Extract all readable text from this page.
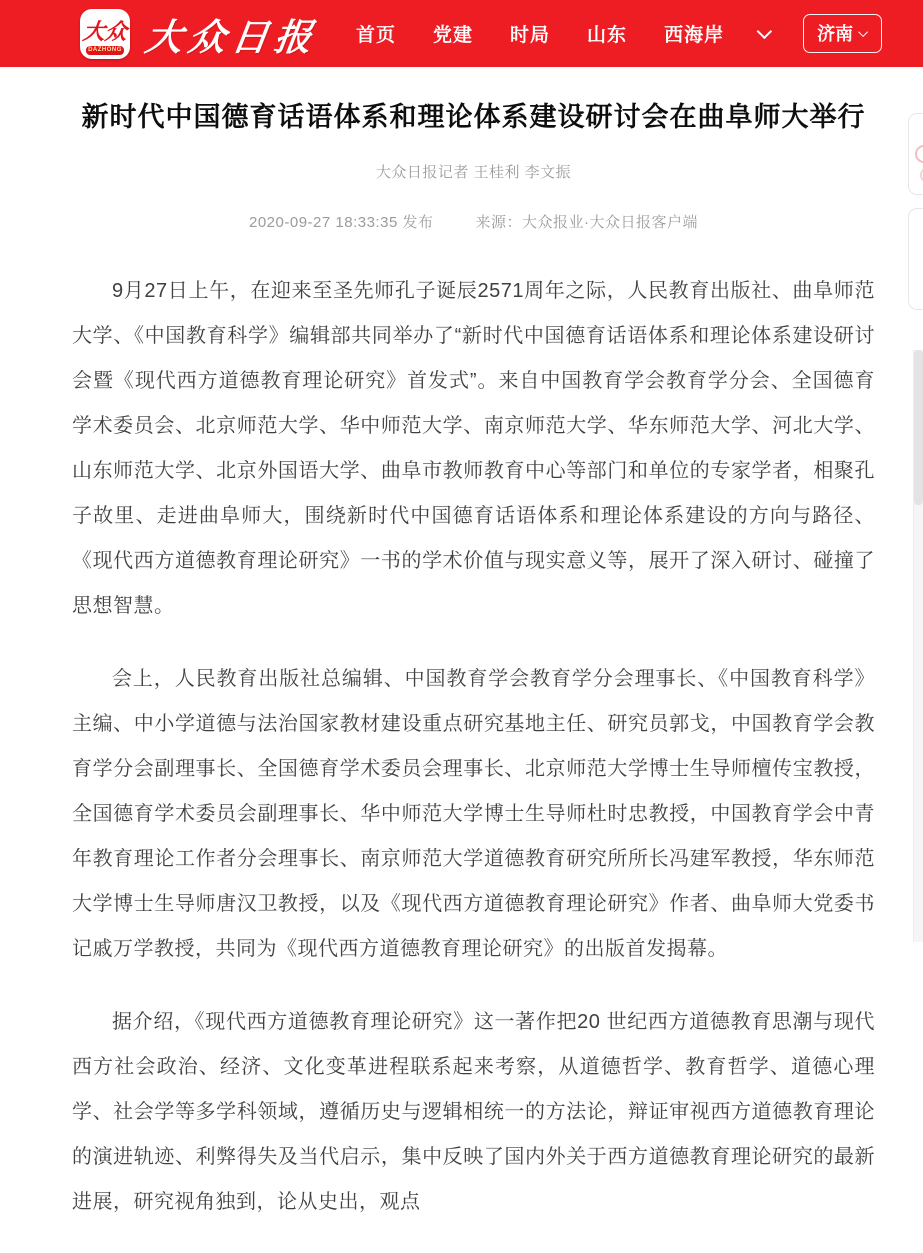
大众
DAZHONG 大众日报 首页 党建 时局 山东 西海岸	济南
新时代中国德育话语体系和理论体系建设研讨会在曲阜师大举行
大众日报记者 王桂利 李文振
2020-09-27 18:33:35 发布	来源：大众报业·大众日报客户端

9月27日上午，在迎来至圣先师孔子诞辰2571周年之际，人民教育出版社、曲阜师范大学、《中国教育科学》编辑部共同举办了“新时代中国德育话语体系和理论体系建设研讨会暨《现代西方道德教育理论研究》首发式”。来自中国教育学会教育学分会、全国德育学术委员会、北京师范大学、华中师范大学、南京师范大学、华东师范大学、河北大学、山东师范大学、北京外国语大学、曲阜市教师教育中心等部门和单位的专家学者，相聚孔子故里、走进曲阜师大，围绕新时代中国德育话语体系和理论体系建设的方向与路径、《现代西方道德教育理论研究》一书的学术价值与现实意义等，展开了深入研讨、碰撞了思想智慧。

会上，人民教育出版社总编辑、中国教育学会教育学分会理事长、《中国教育科学》主编、中小学道德与法治国家教材建设重点研究基地主任、研究员郭戈，中国教育学会教育学分会副理事长、全国德育学术委员会理事长、北京师范大学博士生导师檀传宝教授，全国德育学术委员会副理事长、华中师范大学博士生导师杜时忠教授，中国教育学会中青年教育理论工作者分会理事长、南京师范大学道德教育研究所所长冯建军教授，华东师范大学博士生导师唐汉卫教授，以及《现代西方道德教育理论研究》作者、曲阜师大党委书记戚万学教授，共同为《现代西方道德教育理论研究》的出版首发揭幕。

据介绍，《现代西方道德教育理论研究》这一著作把20 世纪西方道德教育思潮与现代西方社会政治、经济、文化变革进程联系起来考察，从道德哲学、教育哲学、道德心理学、社会学等多学科领域，遵循历史与逻辑相统一的方法论，辩证审视西方道德教育理论的演进轨迹、利弊得失及当代启示，集中反映了国内外关于西方道德教育理论研究的最新进展，研究视角独到，论从史出，观点
